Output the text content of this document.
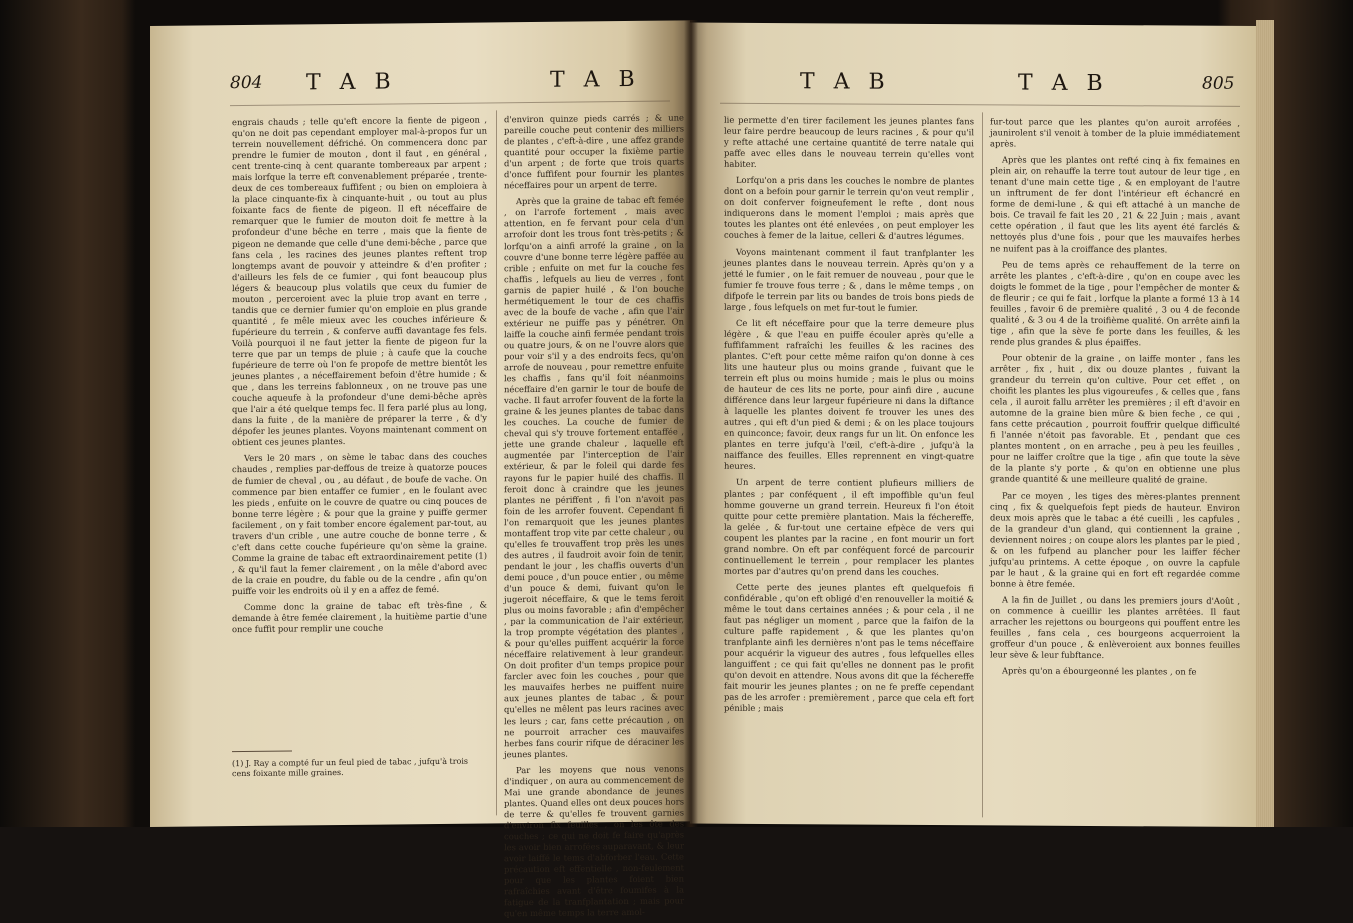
804 T A B	T A B

engrais chauds ; telle qu'eft encore la fiente de pigeon , qu'on ne doit pas cependant employer mal-à-propos fur un terrein nouvellement défriché. On commencera donc par prendre le fumier de mouton , dont il faut , en général , cent trente-cinq à cent quarante tombereaux par arpent ; mais lorfque la terre eft convenablement préparée , trente-deux de ces tombereaux fuffifent ; ou bien on emploiera à la place cinquante-fix à cinquante-huit , ou tout au plus foixante facs de fiente de pigeon. Il eft néceffaire de remarquer que le fumier de mouton doit fe mettre à la profondeur d'une bêche en terre , mais que la fiente de pigeon ne demande que celle d'une demi-bêche , parce que fans cela , les racines des jeunes plantes reftent trop longtemps avant de pouvoir y atteindre & d'en profiter ; d'ailleurs les fels de ce fumier , qui font beaucoup plus légers & beaucoup plus volatils que ceux du fumier de mouton , perceroient avec la pluie trop avant en terre , tandis que ce dernier fumier qu'on emploie en plus grande quantité , fe mêle mieux avec les couches inférieure & fupérieure du terrein , & conferve auffi davantage fes fels. Voilà pourquoi il ne faut jetter la fiente de pigeon fur la terre que par un temps de pluie ; à caufe que la couche fupérieure de terre où l'on fe propofe de mettre bientôt les jeunes plantes , a néceffairement befoin d'être humide ; & que , dans les terreins fablonneux , on ne trouve pas une couche aqueufe à la profondeur d'une demi-bêche après que l'air a été quelque temps fec. Il fera parlé plus au long, dans la fuite , de la manière de préparer la terre , & d'y dépofer les jeunes plantes. Voyons maintenant comment on obtient ces jeunes plantes.

Vers le 20 mars , on sème le tabac dans des couches chaudes , remplies par-deffous de treize à quatorze pouces de fumier de cheval , ou , au défaut , de boufe de vache. On commence par bien entaffer ce fumier , en le foulant avec les pieds , enfuite on le couvre de quatre ou cinq pouces de bonne terre légère ; & pour que la graine y puiffe germer facilement , on y fait tomber encore également par-tout, au travers d'un crible , une autre couche de bonne terre , & c'eft dans cette couche fupérieure qu'on sème la graine. Comme la graine de tabac eft extraordinairement petite (1) , & qu'il faut la femer clairement , on la mêle d'abord avec de la craie en poudre, du fable ou de la cendre , afin qu'on puiffe voir les endroits où il y en a affez de femé.

Comme donc la graine de tabac eft très-fine , & demande à être femée clairement , la huitième partie d'une once fuffit pour remplir une couche

(1) J. Ray a compté fur un feul pied de tabac , jufqu'à trois cens foixante mille graines.

d'environ quinze pieds carrés ; & une pareille couche peut contenir des milliers de plantes , c'eft-à-dire , une affez grande quantité pour occuper la fixième partie d'un arpent ; de forte que trois quarts d'once fuffifent pour fournir les plantes néceffaires pour un arpent de terre.

Après que la graine de tabac eft femée , on l'arrofe fortement , mais avec attention, en fe fervant pour cela d'un arrofoir dont les trous font très-petits ; & lorfqu'on a ainfi arrofé la graine , on la couvre d'une bonne terre légère paffée au crible ; enfuite on met fur la couche fes chaffis , lefquels au lieu de verres , font garnis de papier huilé , & l'on bouche hermétiquement le tour de ces chaffis avec de la boufe de vache , afin que l'air extérieur ne puiffe pas y pénétrer. On laiffe la couche ainfi fermée pendant trois ou quatre jours, & on ne l'ouvre alors que pour voir s'il y a des endroits fecs, qu'on arrofe de nouveau , pour remettre enfuite les chaffis , fans qu'il foit néanmoins néceffaire d'en garnir le tour de boufe de vache. Il faut arrofer fouvent de la forte la graine & les jeunes plantes de tabac dans les couches. La couche de fumier de cheval qui s'y trouve fortement entaffée , jette une grande chaleur , laquelle eft augmentée par l'interception de l'air extérieur, & par le foleil qui darde fes rayons fur le papier huilé des chaffis. Il feroit donc à craindre que les jeunes plantes ne périffent , fi l'on n'avoit pas foin de les arrofer fouvent. Cependant fi l'on remarquoit que les jeunes plantes montaffent trop vite par cette chaleur , ou qu'elles fe trouvaffent trop près les unes des autres , il faudroit avoir foin de tenir, pendant le jour , les chaffis ouverts d'un demi pouce , d'un pouce entier , ou même d'un pouce & demi, fuivant qu'on le jugeroit néceffaire, & que le tems feroit plus ou moins favorable ; afin d'empêcher , par la communication de l'air extérieur, la trop prompte végétation des plantes , & pour qu'elles puiffent acquérir la force néceffaire relativement à leur grandeur. On doit profiter d'un temps propice pour farcler avec foin les couches , pour que les mauvaifes herbes ne puiffent nuire aux jeunes plantes de tabac , & pour qu'elles ne mêlent pas leurs racines avec les leurs ; car, fans cette précaution , on ne pourroit arracher ces mauvaifes herbes fans courir rifque de déraciner les jeunes plantes.

Par les moyens que nous venons d'indiquer , on aura au commencement de Mai une grande abondance de jeunes plantes. Quand elles ont deux pouces hors de terre & qu'elles fe trouvent garnies d'environ fix feuilles , on les ôte des couches ; ce qui ne doit fe faire qu'après les avoir bien arrofées auparavant, & leur avoir laiffé le tems d'abforber l'eau. Cette précaution eft effentielle , non-feulement pour que les plantes foient bien rafraîchies avant d'être foumifes à la fatigue de la tranfplantation ; mais pour qu'en même temps la terre amol-

T A B	T A B	805

lie permette d'en tirer facilement les jeunes plantes fans leur faire perdre beaucoup de leurs racines , & pour qu'il y refte attaché une certaine quantité de terre natale qui paffe avec elles dans le nouveau terrein qu'elles vont habiter.

Lorfqu'on a pris dans les couches le nombre de plantes dont on a befoin pour garnir le terrein qu'on veut remplir , on doit conferver foigneufement le refte , dont nous indiquerons dans le moment l'emploi ; mais après que toutes les plantes ont été enlevées , on peut employer les couches à femer de la laitue, celleri & d'autres légumes.

Voyons maintenant comment il faut tranfplanter les jeunes plantes dans le nouveau terrein. Après qu'on y a jetté le fumier , on le fait remuer de nouveau , pour que le fumier fe trouve fous terre ; & , dans le même temps , on difpofe le terrein par lits ou bandes de trois bons pieds de large , fous lefquels on met fur-tout le fumier.

Ce lit eft néceffaire pour que la terre demeure plus légère , & que l'eau en puiffe écouler après qu'elle a fuffifamment rafraîchi les feuilles & les racines des plantes. C'eft pour cette même raifon qu'on donne à ces lits une hauteur plus ou moins grande , fuivant que le terrein eft plus ou moins humide ; mais le plus ou moins de hauteur de ces lits ne porte, pour ainfi dire , aucune différence dans leur largeur fupérieure ni dans la diftance à laquelle les plantes doivent fe trouver les unes des autres , qui eft d'un pied & demi ; & on les place toujours en quinconce; favoir, deux rangs fur un lit. On enfonce les plantes en terre jufqu'à l'œil, c'eft-à-dire , jufqu'à la naiffance des feuilles. Elles reprennent en vingt-quatre heures.

Un arpent de terre contient plufieurs milliers de plantes ; par conféquent , il eft impoffible qu'un feul homme gouverne un grand terrein. Heureux fi l'on étoit quitte pour cette première plantation. Mais la féchereffe, la gelée , & fur-tout une certaine efpèce de vers qui coupent les plantes par la racine , en font mourir un fort grand nombre. On eft par conféquent forcé de parcourir continuellement le terrein , pour remplacer les plantes mortes par d'autres qu'on prend dans les couches.

Cette perte des jeunes plantes eft quelquefois fi confidérable , qu'on eft obligé d'en renouveller la moitié & même le tout dans certaines années ; & pour cela , il ne faut pas négliger un moment , parce que la faifon de la culture paffe rapidement , & que les plantes qu'on tranfplante ainfi les dernières n'ont pas le tems néceffaire pour acquérir la vigueur des autres , fous lefquelles elles languiffent ; ce qui fait qu'elles ne donnent pas le profit qu'on devoit en attendre. Nous avons dit que la féchereffe fait mourir les jeunes plantes ; on ne fe preffe cependant pas de les arrofer : premièrement , parce que cela eft fort pénible ; mais

fur-tout parce que les plantes qu'on auroit arrofées , jaunirolent s'il venoit à tomber de la pluie immédiatement après.

Après que les plantes ont refté cinq à fix femaines en plein air, on rehauffe la terre tout autour de leur tige , en tenant d'une main cette tige , & en employant de l'autre un inftrument de fer dont l'intérieur eft échancré en forme de demi-lune , & qui eft attaché à un manche de bois. Ce travail fe fait les 20 , 21 & 22 Juin ; mais , avant cette opération , il faut que les lits ayent été farclés & nettoyés plus d'une fois , pour que les mauvaifes herbes ne nuifent pas à la croiffance des plantes.

Peu de tems après ce rehauffement de la terre on arrête les plantes , c'eft-à-dire , qu'on en coupe avec les doigts le fommet de la tige , pour l'empêcher de monter & de fleurir ; ce qui fe fait , lorfque la plante a formé 13 à 14 feuilles , favoir 6 de première qualité , 3 ou 4 de feconde qualité , & 3 ou 4 de la troifième qualité. On arrête ainfi la tige , afin que la sève fe porte dans les feuilles, & les rende plus grandes & plus épaiffes.

Pour obtenir de la graine , on laiffe monter , fans les arrêter , fix , huit , dix ou douze plantes , fuivant la grandeur du terrein qu'on cultive. Pour cet effet , on choifit les plantes les plus vigoureufes , & celles que , fans cela , il auroit fallu arrêter les premières ; il eft d'avoir en automne de la graine bien mûre & bien feche , ce qui , fans cette précaution , pourroit fouffrir quelque difficulté fi l'année n'étoit pas favorable. Et , pendant que ces plantes montent , on en arrache , peu à peu les feuilles , pour ne laiffer croître que la tige , afin que toute la sève de la plante s'y porte , & qu'on en obtienne une plus grande quantité & une meilleure qualité de graine.

Par ce moyen , les tiges des mères-plantes prennent cinq , fix & quelquefois fept pieds de hauteur. Environ deux mois après que le tabac a été cueilli , les capfules , de la grandeur d'un gland, qui contiennent la graine , deviennent noires ; on coupe alors les plantes par le pied , & on les fufpend au plancher pour les laiffer fécher jufqu'au printems. A cette époque , on ouvre la capfule par le haut , & la graine qui en fort eft regardée comme bonne à être femée.

A la fin de Juillet , ou dans les premiers jours d'Août , on commence à cueillir les plantes arrêtées. Il faut arracher les rejettons ou bourgeons qui pouffent entre les feuilles , fans cela , ces bourgeons acquerroient la groffeur d'un pouce , & enlèveroient aux bonnes feuilles leur sève & leur fubftance.

Après qu'on a ébourgeonné les plantes , on fe
